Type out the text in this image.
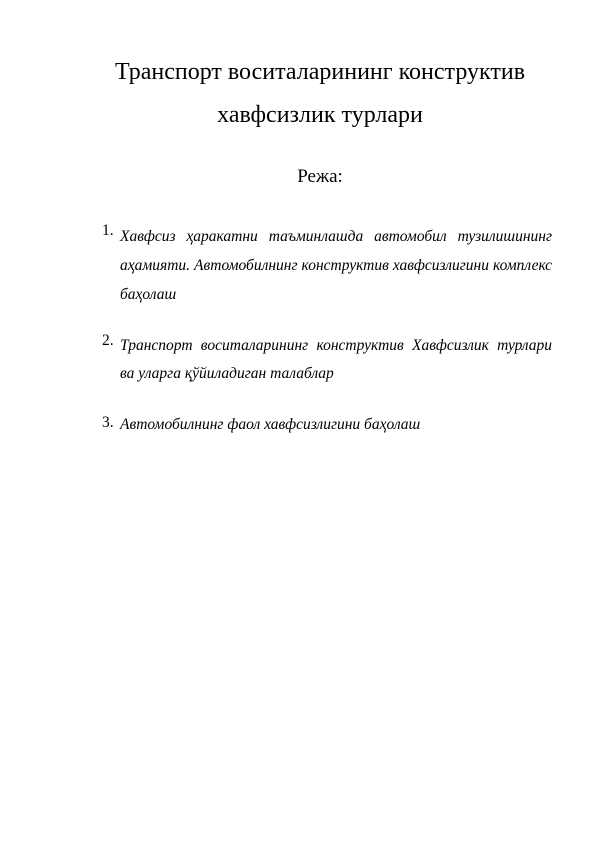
Транспорт воситаларининг конструктив
хавфсизлик турлари
Режа:
1. Хавфсиз ҳаракатни таъминлашда автомобил тузилишининг аҳамияти. Автомобилнинг конструктив хавфсизлигини комплекс баҳолаш
2. Транспорт воситаларининг конструктив Хавфсизлик турлари ва уларга қўйиладиган талаблар
3. Автомобилнинг фаол хавфсизлигини баҳолаш
